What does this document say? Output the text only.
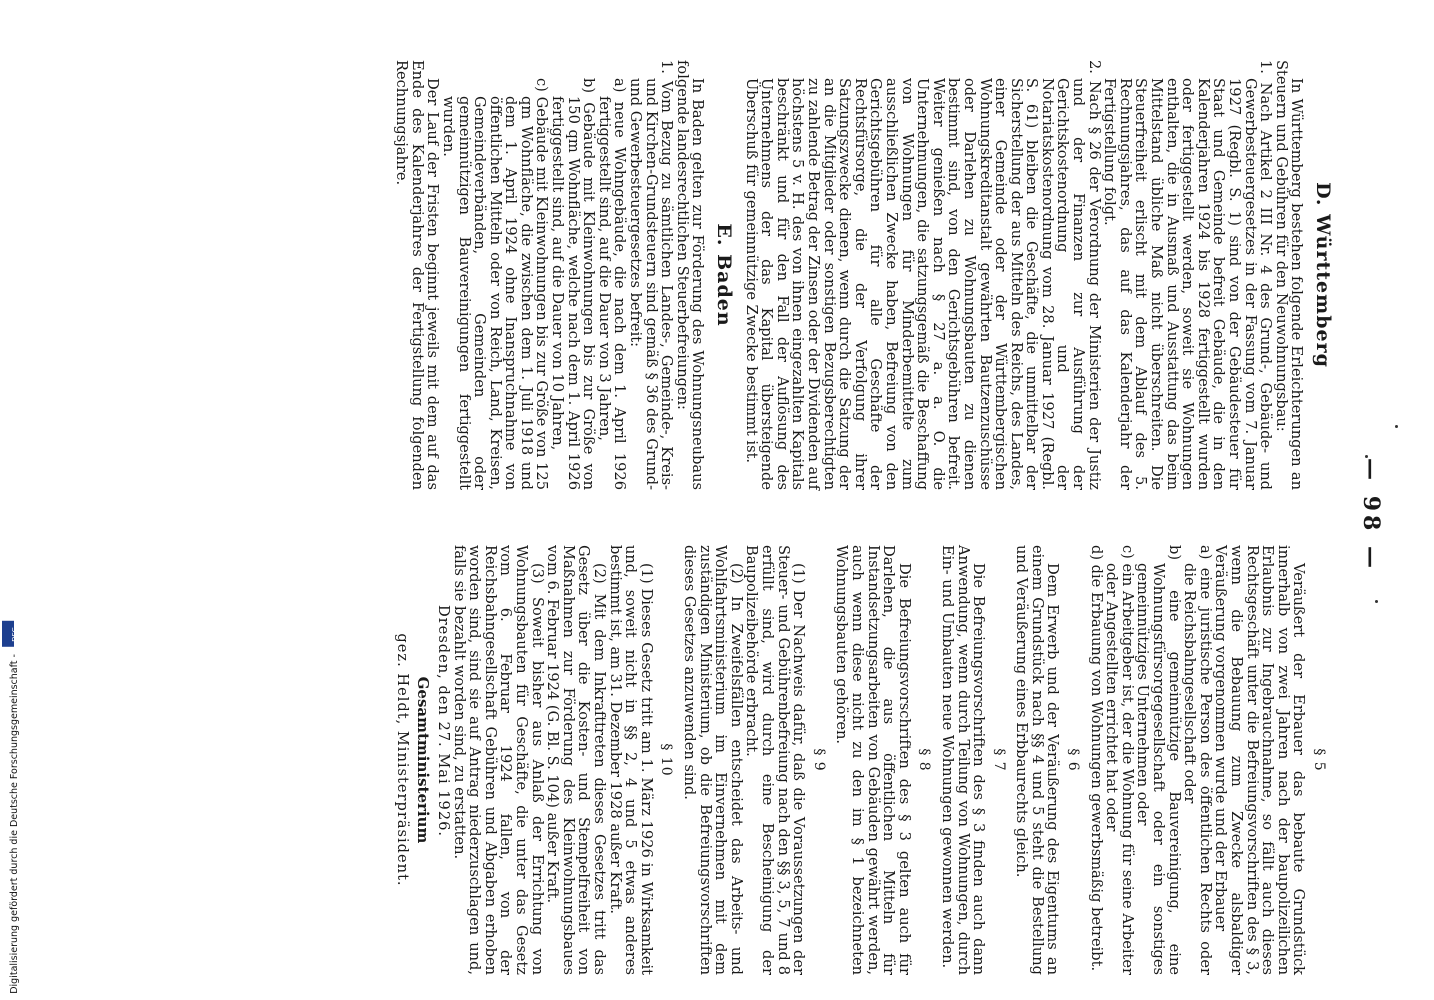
— 98 —
§ 5

Veräußert der Erbauer das bebaute Grundstück innerhalb von zwei Jahren nach der baupolizeilichen Erlaubnis zur Ingebrauchnahme, so fällt auch dieses Rechtsgeschäft unter die Befreiungsvorschriften des § 3, wenn die Bebauung zum Zwecke alsbaldiger Veräußerung vorgenommen wurde und der Erbauer

a) eine juristische Person des öffentlichen Rechts oder die Reichsbahngesellschaft oder

b) eine gemeinnützige Bauvereinigung, eine Wohnungsfürsorgegesellschaft oder ein sonstiges gemeinnütziges Unternehmen oder

c) ein Arbeitgeber ist, der die Wohnung für seine Arbeiter oder Angestellten errichtet hat oder

d) die Erbauung von Wohnungen gewerbsmäßig betreibt.

§ 6

Dem Erwerb und der Veräußerung des Eigentums an einem Grundstück nach §§ 4 und 5 steht die Bestellung und Veräußerung eines Erbbaurechts gleich.

§ 7

Die Befreiungsvorschriften des § 3 finden auch dann Anwendung, wenn durch Teilung von Wohnungen, durch Ein- und Umbauten neue Wohnungen gewonnen werden.

§ 8

Die Befreiungsvorschriften des § 3 gelten auch für Darlehen, die aus öffentlichen Mitteln für Instandsetzungsarbeiten von Gebäuden gewährt werden, auch wenn diese nicht zu den im § 1 bezeichneten Wohnungsbauten gehören.

§ 9

(1) Der Nachweis dafür, daß die Voraussetzungen der Steuer- und Gebührenbefreiung nach den §§ 3, 5, 7 und 8 erfüllt sind, wird durch eine Bescheinigung der Baupolizeibehörde erbracht.

(2) In Zweifelsfällen entscheidet das Arbeits- und Wohlfahrtsministerium im Einvernehmen mit dem zuständigen Ministerium, ob die Befreiungsvorschriften dieses Gesetzes anzuwenden sind.

§ 10

(1) Dieses Gesetz tritt am 1. März 1926 in Wirksamkeit und, soweit nicht in §§ 2, 4 und 5 etwas anderes bestimmt ist, am 31. Dezember 1928 außer Kraft.

(2) Mit dem Inkrafttreten dieses Gesetzes tritt das Gesetz über die Kosten- und Stempelfreiheit von Maßnahmen zur Förderung des Kleinwohnungsbaues vom 6. Februar 1924 (G. Bl. S. 104) außer Kraft.

(3) Soweit bisher aus Anlaß der Errichtung von Wohnungsbauten für Geschäfte, die unter das Gesetz vom 6. Februar 1924 fallen, von der Reichsbahngesellschaft Gebühren und Abgaben erhoben worden sind, sind sie auf Antrag niederzuschlagen und, falls sie bezahlt worden sind, zu erstatten.

Dresden, den 27. Mai 1926.

Gesamtministerium
gez. Heldt, Ministerpräsident.
D. Württemberg

In Württemberg bestehen folgende Erleichterungen an Steuern und Gebühren für den Neuwohnungsbau:

1. Nach Artikel 2 III Nr. 4 des Grund-, Gebäude- und Gewerbesteuergesetzes in der Fassung vom 7. Januar 1927 (Regbl. S. 1) sind von der Gebäudesteuer für Staat und Gemeinde befreit Gebäude, die in den Kalenderjahren 1924 bis 1928 fertiggestellt wurden oder fertiggestellt werden, soweit sie Wohnungen enthalten, die in Ausmaß und Ausstattung das beim Mittelstand übliche Maß nicht überschreiten. Die Steuerfreiheit erlischt mit dem Ablauf des 5. Rechnungsjahres, das auf das Kalenderjahr der Fertigstellung folgt.

2. Nach § 26 der Verordnung der Ministerien der Justiz und der Finanzen zur Ausführung der Gerichtskostenordnung und der Notariatskostenordnung vom 28. Januar 1927 (Regbl. S. 61) bleiben die Geschäfte, die unmittelbar der Sicherstellung der aus Mitteln des Reichs, des Landes, einer Gemeinde oder der Württembergischen Wohnungskreditanstalt gewährten Bautzenzuschüsse oder Darlehen zu Wohnungsbauten zu dienen bestimmt sind, von den Gerichtsgebühren befreit. Weiter genießen nach § 27 a. a. O. die Unternehmungen, die satzungsgemäß die Beschaffung von Wohnungen für Minderbemittelte zum ausschließlichen Zwecke haben, Befreiung von den Gerichtsgebühren für alle Geschäfte der Rechtsfürsorge, die der Verfolgung ihrer Satzungszwecke dienen, wenn durch die Satzung der an die Mitglieder oder sonstigen Bezugsberechtigten zu zahlende Betrag der Zinsen oder der Dividenden auf höchstens 5 v. H. des von ihnen eingezahlten Kapitals beschränkt und für den Fall der Auflösung des Unternehmens der das Kapital übersteigende Überschuß für gemeinnützige Zwecke bestimmt ist.

E. Baden

In Baden gelten zur Förderung des Wohnungsneubaus folgende landesrechtlichen Steuerbefreiungen:

1. Vom Bezug zu sämtlichen Landes-, Gemeinde-, Kreis- und Kirchen-Grundsteuern sind gemäß § 36 des Grund- und Gewerbesteuergesetzes befreit:

a) neue Wohngebäude, die nach dem 1. April 1926 fertiggestellt sind, auf die Dauer von 3 Jahren,

b) Gebäude mit Kleinwohnungen bis zur Größe von 150 qm Wohnfläche, welche nach dem 1. April 1926 fertiggestellt sind, auf die Dauer von 10 Jahren,

c) Gebäude mit Kleinwohnungen bis zur Größe von 125 qm Wohnfläche, die zwischen dem 1. Juli 1918 und dem 1. April 1924 ohne Inanspruchnahme von öffentlichen Mitteln oder von Reich, Land, Kreisen, Gemeindeverbänden, Gemeinden oder gemeinnützigen Bauvereinigungen fertiggestellt wurden.

Der Lauf der Fristen beginnt jeweils mit dem auf das Ende des Kalenderjahres der Fertigstellung folgenden Rechnungsjahre.

Digitalisierung gefördert durch die Deutsche Forschungsgemeinschaft - DFG
